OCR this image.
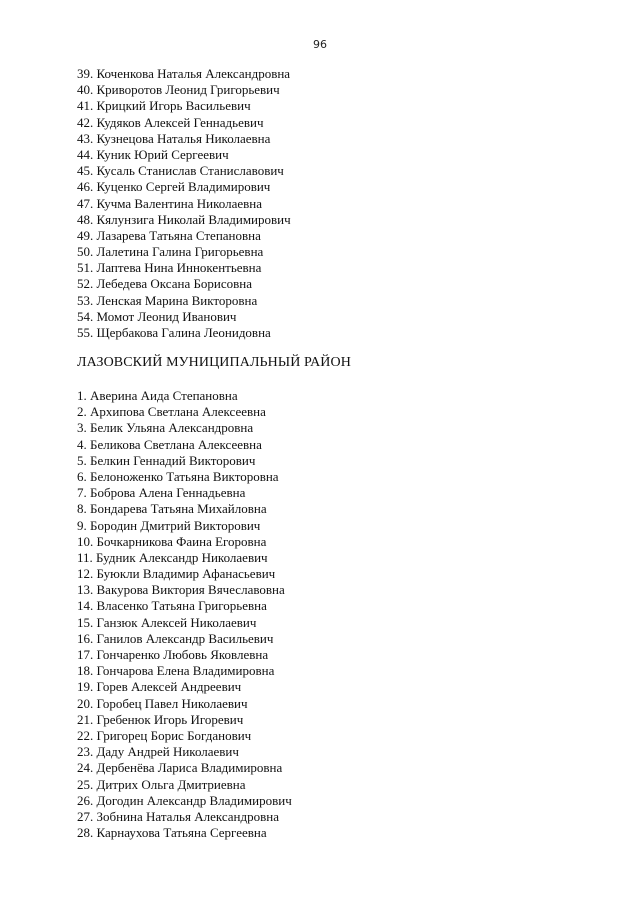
96
39. Коченкова Наталья Александровна
40. Криворотов Леонид Григорьевич
41. Крицкий Игорь Васильевич
42. Кудяков Алексей Геннадьевич
43. Кузнецова Наталья Николаевна
44. Куник Юрий Сергеевич
45. Кусаль Станислав Станиславович
46. Куценко Сергей Владимирович
47. Кучма Валентина Николаевна
48. Кялунзига Николай Владимирович
49. Лазарева Татьяна Степановна
50. Лалетина Галина Григорьевна
51. Лаптева Нина Иннокентьевна
52. Лебедева Оксана Борисовна
53. Ленская Марина Викторовна
54. Момот Леонид Иванович
55. Щербакова Галина Леонидовна
ЛАЗОВСКИЙ МУНИЦИПАЛЬНЫЙ РАЙОН
1. Аверина Аида Степановна
2. Архипова Светлана Алексеевна
3. Белик Ульяна Александровна
4. Беликова Светлана Алексеевна
5. Белкин Геннадий Викторович
6. Белоноженко Татьяна Викторовна
7. Боброва Алена Геннадьевна
8. Бондарева Татьяна Михайловна
9. Бородин Дмитрий Викторович
10. Бочкарникова Фаина Егоровна
11. Будник Александр Николаевич
12. Буюкли Владимир Афанасьевич
13. Вакурова Виктория Вячеславовна
14. Власенко Татьяна Григорьевна
15. Ганзюк Алексей Николаевич
16. Ганилов Александр Васильевич
17. Гончаренко Любовь Яковлевна
18. Гончарова Елена Владимировна
19. Горев Алексей Андреевич
20. Горобец Павел Николаевич
21. Гребенюк Игорь Игоревич
22. Григорец Борис Богданович
23. Даду Андрей Николаевич
24. Дербенёва Лариса Владимировна
25. Дитрих Ольга Дмитриевна
26. Догодин Александр Владимирович
27. Зобнина Наталья Александровна
28. Карнаухова Татьяна Сергеевна
